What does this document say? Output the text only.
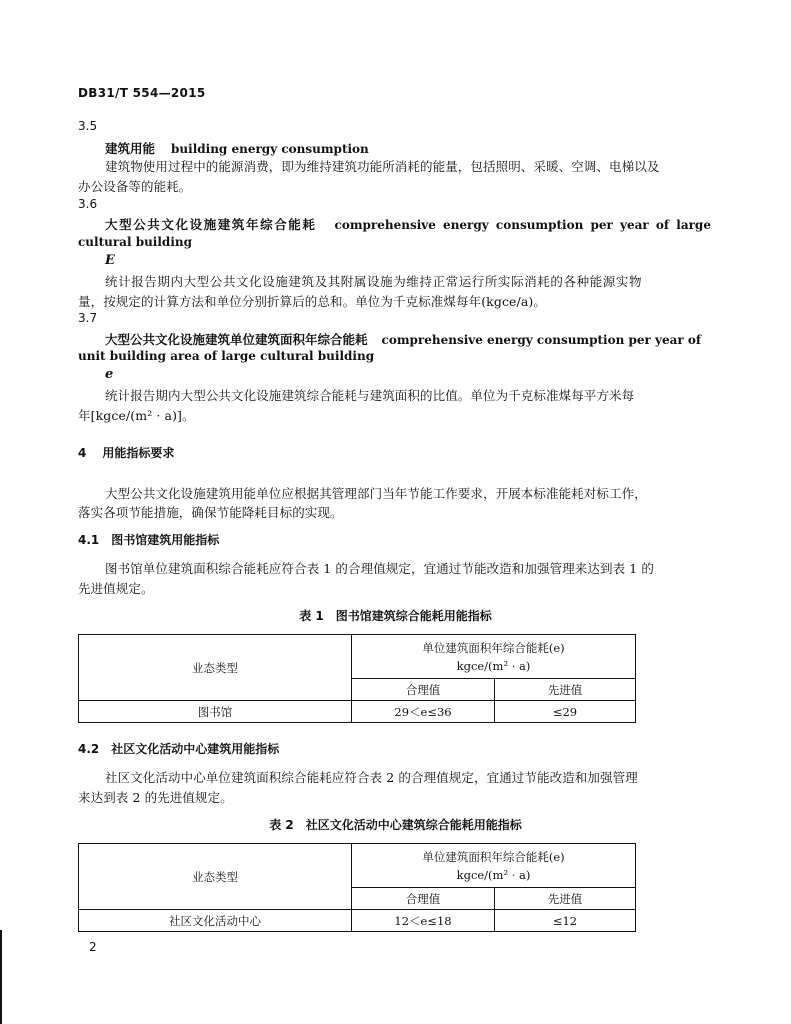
DB31/T 554—2015
3.5
建筑用能 building energy consumption
建筑物使用过程中的能源消费，即为维持建筑功能所消耗的能量，包括照明、采暖、空调、电梯以及
办公设备等的能耗。
3.6
大型公共文化设施建筑年综合能耗 comprehensive energy consumption per year of large
cultural building
E
统计报告期内大型公共文化设施建筑及其附属设施为维持正常运行所实际消耗的各种能源实物
量，按规定的计算方法和单位分别折算后的总和。单位为千克标准煤每年(kgce/a)。
3.7
大型公共文化设施建筑单位建筑面积年综合能耗 comprehensive energy consumption per year of
unit building area of large cultural building
e
统计报告期内大型公共文化设施建筑综合能耗与建筑面积的比值。单位为千克标准煤每平方米每
年[kgce/(m² · a)]。
4 用能指标要求
大型公共文化设施建筑用能单位应根据其管理部门当年节能工作要求，开展本标准能耗对标工作，
落实各项节能措施，确保节能降耗目标的实现。
4.1 图书馆建筑用能指标
图书馆单位建筑面积综合能耗应符合表 1 的合理值规定，宜通过节能改造和加强管理来达到表 1 的
先进值规定。
表 1　图书馆建筑综合能耗用能指标
业态类型	单位建筑面积年综合能耗(e)
kgce/(m² · a)	

	合理值	先进值
图书馆	29＜e≤36	≤29
4.2 社区文化活动中心建筑用能指标
社区文化活动中心单位建筑面积综合能耗应符合表 2 的合理值规定，宜通过节能改造和加强管理
来达到表 2 的先进值规定。
表 2　社区文化活动中心建筑综合能耗用能指标
业态类型	单位建筑面积年综合能耗(e)
kgce/(m² · a)	

	合理值	先进值
社区文化活动中心	12＜e≤18	≤12
2
